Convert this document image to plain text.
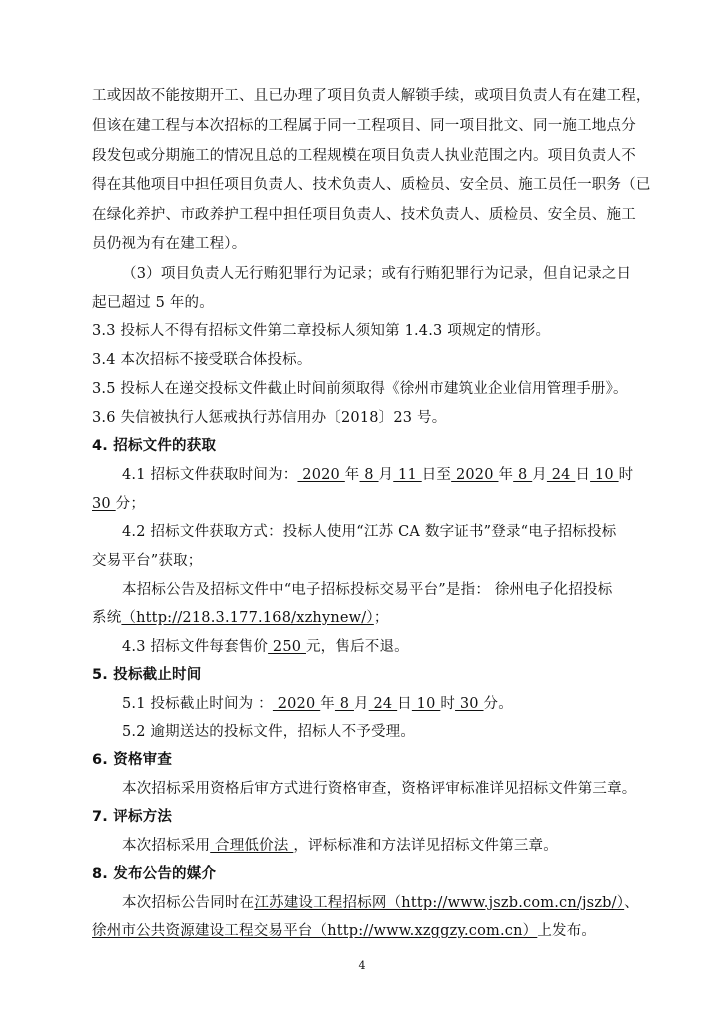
工或因故不能按期开工、且已办理了项目负责人解锁手续，或项目负责人有在建工程，
但该在建工程与本次招标的工程属于同一工程项目、同一项目批文、同一施工地点分
段发包或分期施工的情况且总的工程规模在项目负责人执业范围之内。项目负责人不
得在其他项目中担任项目负责人、技术负责人、质检员、安全员、施工员任一职务（已
在绿化养护、市政养护工程中担任项目负责人、技术负责人、质检员、安全员、施工
员仍视为有在建工程）。
（3）项目负责人无行贿犯罪行为记录；或有行贿犯罪行为记录，但自记录之日
起已超过 5 年的。
3.3 投标人不得有招标文件第二章投标人须知第 1.4.3 项规定的情形。
3.4 本次招标不接受联合体投标。
3.5 投标人在递交投标文件截止时间前须取得《徐州市建筑业企业信用管理手册》。
3.6 失信被执行人惩戒执行苏信用办〔2018〕23 号。
4. 招标文件的获取
4.1 招标文件获取时间为： 2020 年 8 月 11 日至 2020 年 8 月 24 日 10 时
30 分；
4.2 招标文件获取方式：投标人使用“江苏 CA 数字证书”登录“电子招标投标
交易平台”获取；
本招标公告及招标文件中“电子招标投标交易平台”是指： 徐州电子化招投标
系统（http://218.3.177.168/xzhynew/）；
4.3 招标文件每套售价 250 元，售后不退。
5. 投标截止时间
5.1 投标截止时间为 ： 2020 年 8 月 24 日 10 时 30 分。
5.2 逾期送达的投标文件，招标人不予受理。
6. 资格审查
本次招标采用资格后审方式进行资格审查，资格评审标准详见招标文件第三章。
7. 评标方法
本次招标采用 合理低价法 ，评标标准和方法详见招标文件第三章。
8. 发布公告的媒介
本次招标公告同时在江苏建设工程招标网（http://www.jszb.com.cn/jszb/）、
徐州市公共资源建设工程交易平台（http://www.xzggzy.com.cn）上发布。
4
